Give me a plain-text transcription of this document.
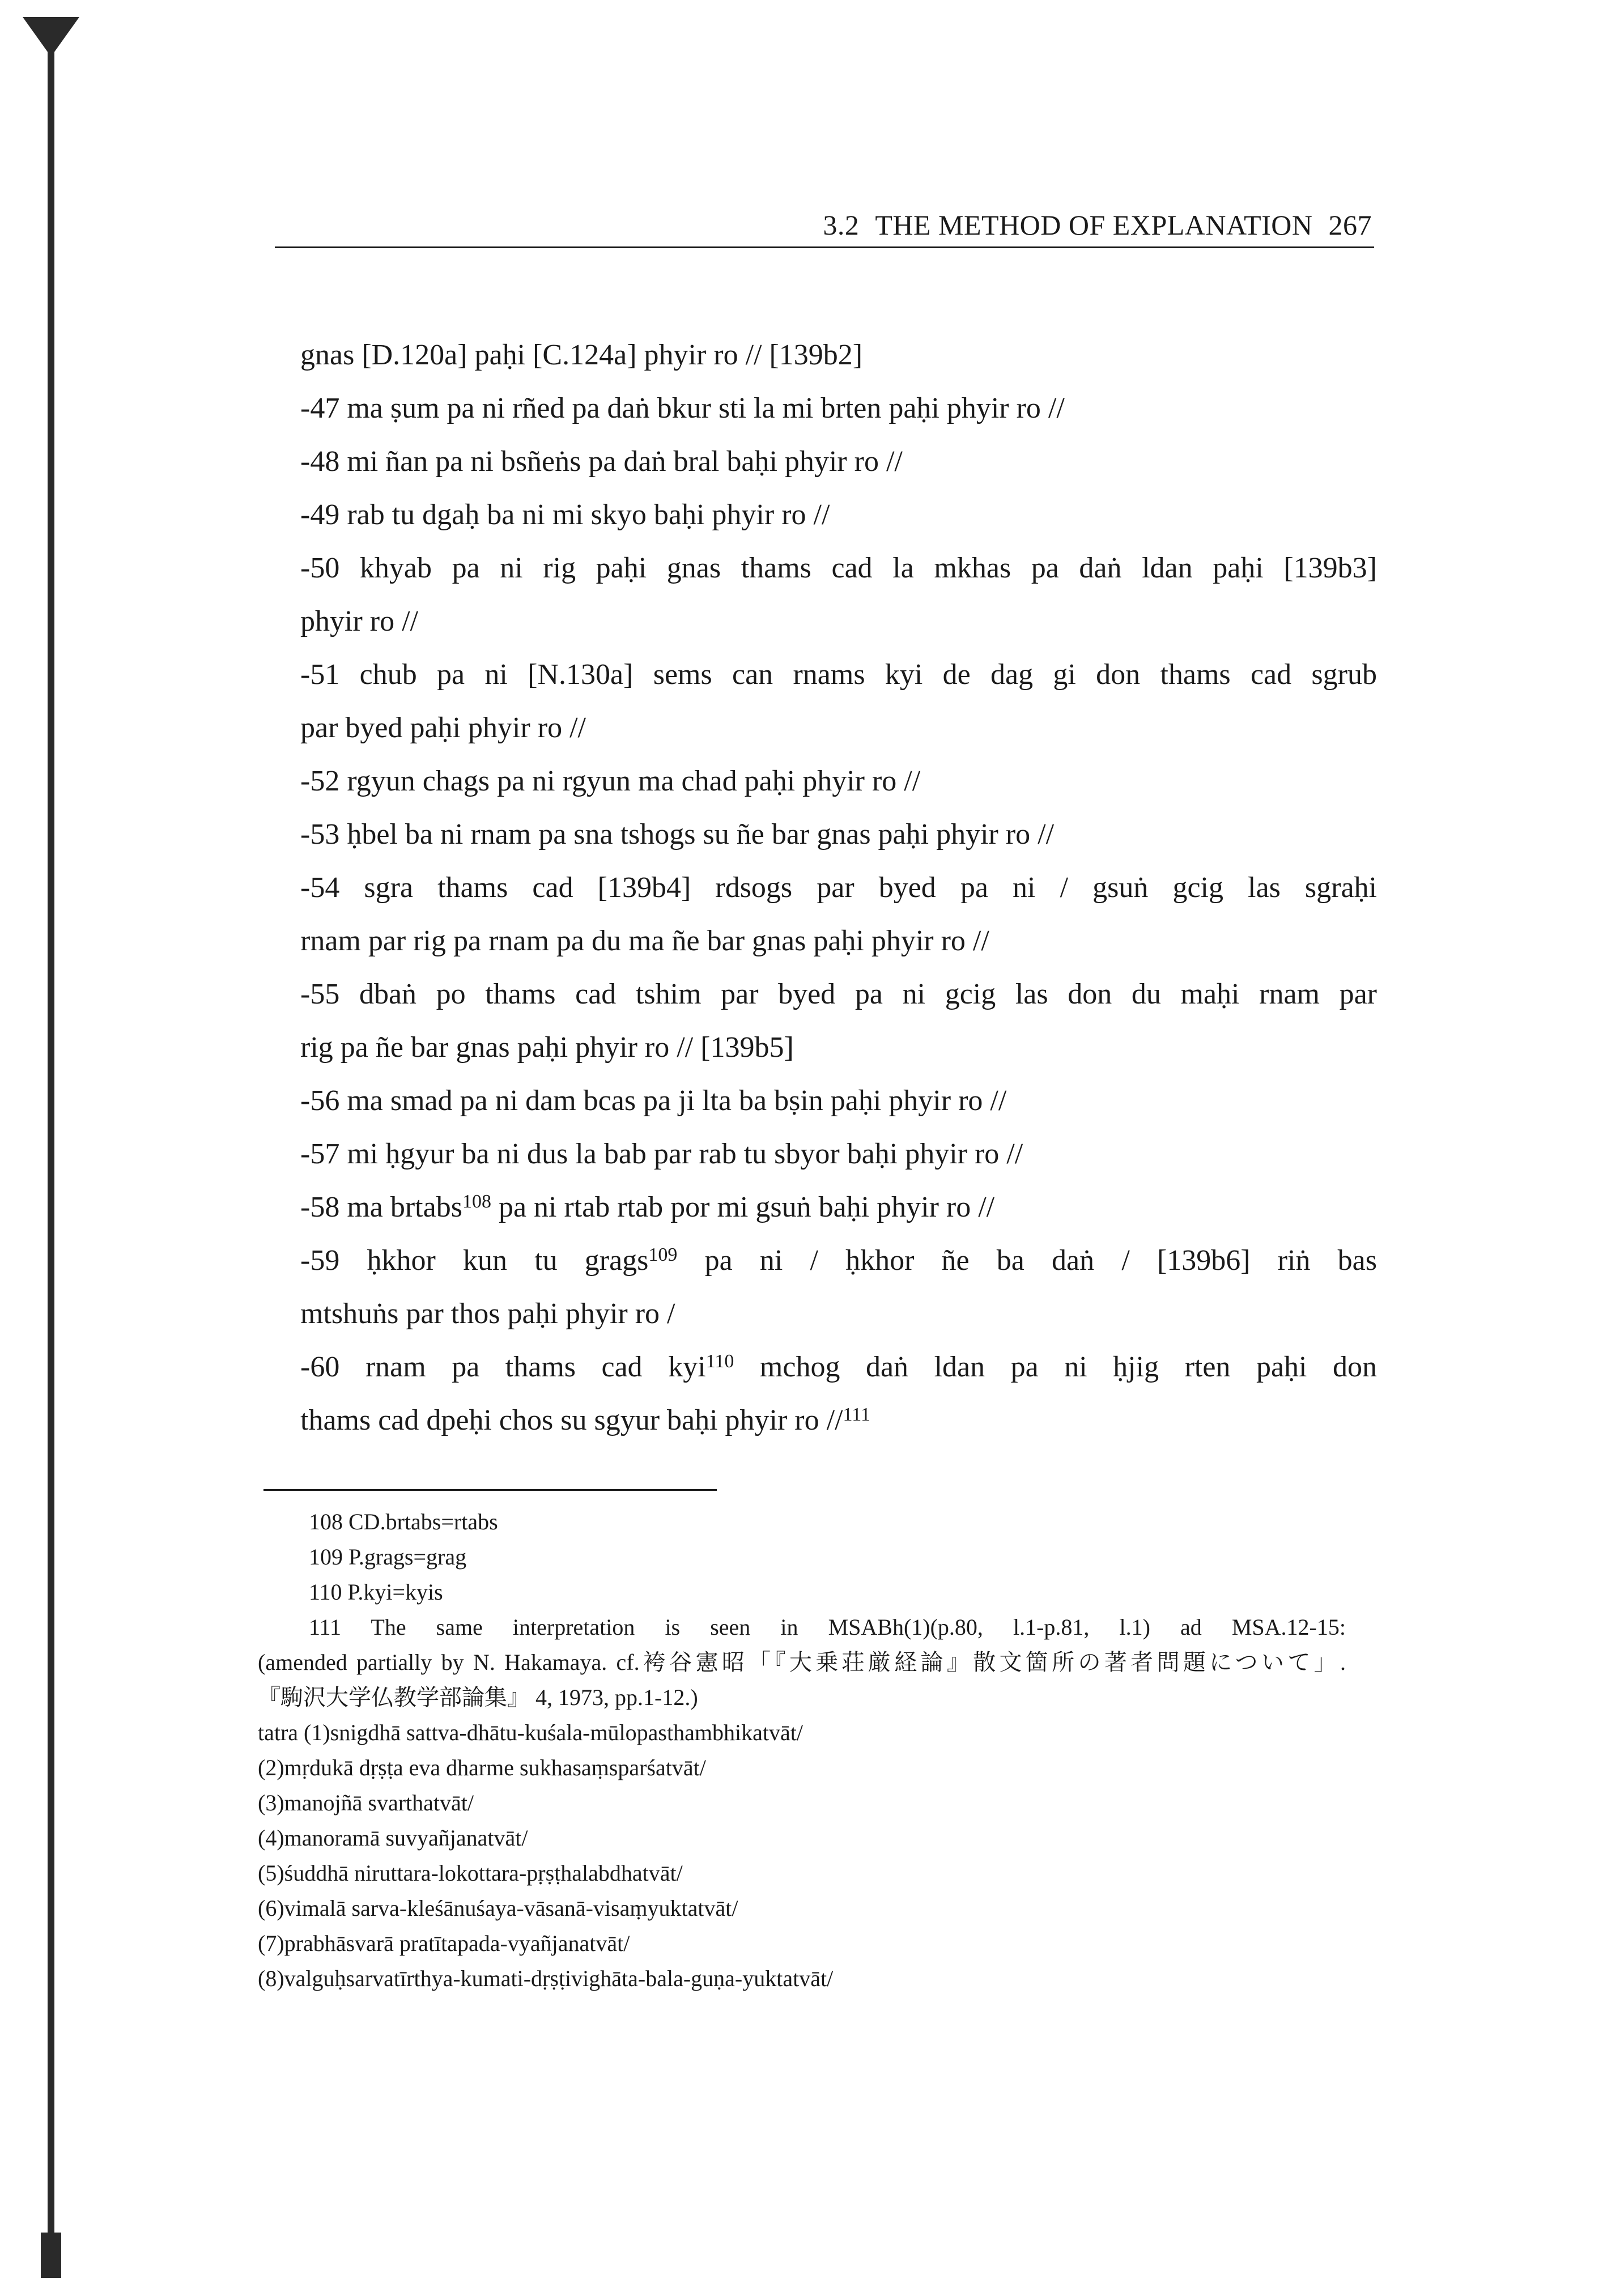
3.2 THE METHOD OF EXPLANATION 267
gnas [D.120a] paḥi [C.124a] phyir ro // [139b2]
-47 ma ṣum pa ni rñed pa daṅ bkur sti la mi brten paḥi phyir ro //
-48 mi ñan pa ni bsñeṅs pa daṅ bral baḥi phyir ro //
-49 rab tu dgaḥ ba ni mi skyo baḥi phyir ro //
-50 khyab pa ni rig paḥi gnas thams cad la mkhas pa daṅ ldan paḥi [139b3]
phyir ro //
-51 chub pa ni [N.130a] sems can rnams kyi de dag gi don thams cad sgrub
par byed paḥi phyir ro //
-52 rgyun chags pa ni rgyun ma chad paḥi phyir ro //
-53 ḥbel ba ni rnam pa sna tshogs su ñe bar gnas paḥi phyir ro //
-54 sgra thams cad [139b4] rdsogs par byed pa ni / gsuṅ gcig las sgraḥi
rnam par rig pa rnam pa du ma ñe bar gnas paḥi phyir ro //
-55 dbaṅ po thams cad tshim par byed pa ni gcig las don du maḥi rnam par
rig pa ñe bar gnas paḥi phyir ro // [139b5]
-56 ma smad pa ni dam bcas pa ji lta ba bṣin paḥi phyir ro //
-57 mi ḥgyur ba ni dus la bab par rab tu sbyor baḥi phyir ro //
-58 ma brtabs$^{108}$ pa ni rtab rtab por mi gsuṅ baḥi phyir ro //
-59 ḥkhor kun tu grags$^{109}$ pa ni / ḥkhor ñe ba daṅ / [139b6] riṅ bas
mtshuṅs par thos paḥi phyir ro /
-60 rnam pa thams cad kyi$^{110}$ mchog daṅ ldan pa ni ḥjig rten paḥi don
thams cad dpeḥi chos su sgyur baḥi phyir ro //$^{111}$
108 CD.brtabs=rtabs
109 P.grags=grag
110 P.kyi=kyis
111 The same interpretation is seen in MSABh(1)(p.80, l.1-p.81, l.1) ad MSA.12-15:
(amended partially by N. Hakamaya. cf.袴谷憲昭「『大乗荘厳経論』散文箇所の著者問題について」.
『駒沢大学仏教学部論集』 4, 1973, pp.1-12.)
tatra (1)snigdhā sattva-dhātu-kuśala-mūlopasthambhikatvāt/
(2)mṛdukā dṛṣṭa eva dharme sukhasaṃsparśatvāt/
(3)manojñā svarthatvāt/
(4)manoramā suvyañjanatvāt/
(5)śuddhā niruttara-lokottara-pṛṣṭhalabdhatvāt/
(6)vimalā sarva-kleśānuśaya-vāsanā-visaṃyuktatvāt/
(7)prabhāsvarā pratītapada-vyañjanatvāt/
(8)valguḥsarvatīrthya-kumati-dṛṣṭivighāta-bala-guṇa-yuktatvāt/
